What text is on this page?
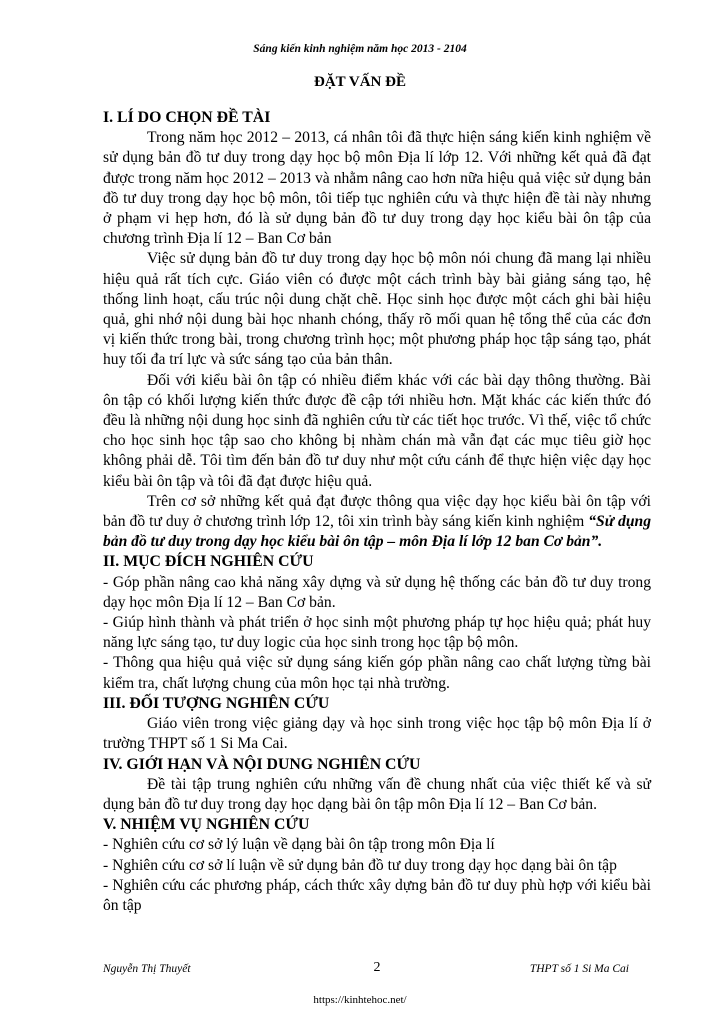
Sáng kiến kinh nghiệm năm học 2013 - 2104
ĐẶT VẤN ĐỀ
I. LÍ DO CHỌN ĐỀ TÀI

Trong năm học 2012 – 2013, cá nhân tôi đã thực hiện sáng kiến kinh nghiệm về sử dụng bản đồ tư duy trong dạy học bộ môn Địa lí lớp 12. Với những kết quả đã đạt được trong năm học 2012 – 2013 và nhằm nâng cao hơn nữa hiệu quả việc sử dụng bản đồ tư duy trong dạy học bộ môn, tôi tiếp tục nghiên cứu và thực hiện đề tài này nhưng ở phạm vi hẹp hơn, đó là sử dụng bản đồ tư duy trong dạy học kiểu bài ôn tập của chương trình Địa lí 12 – Ban Cơ bản

Việc sử dụng bản đồ tư duy trong dạy học bộ môn nói chung đã mang lại nhiều hiệu quả rất tích cực. Giáo viên có được một cách trình bày bài giảng sáng tạo, hệ thống linh hoạt, cấu trúc nội dung chặt chẽ. Học sinh học được một cách ghi bài hiệu quả, ghi nhớ nội dung bài học nhanh chóng, thấy rõ mối quan hệ tổng thể của các đơn vị kiến thức trong bài, trong chương trình học; một phương pháp học tập sáng tạo, phát huy tối đa trí lực và sức sáng tạo của bản thân.

Đối với kiểu bài ôn tập có nhiều điểm khác với các bài dạy thông thường. Bài ôn tập có khối lượng kiến thức được đề cập tới nhiều hơn. Mặt khác các kiến thức đó đều là những nội dung học sinh đã nghiên cứu từ các tiết học trước. Vì thế, việc tổ chức cho học sinh học tập sao cho không bị nhàm chán mà vẫn đạt các mục tiêu giờ học không phải dễ. Tôi tìm đến bản đồ tư duy như một cứu cánh để thực hiện việc dạy học kiểu bài ôn tập và tôi đã đạt được hiệu quả.

Trên cơ sở những kết quả đạt được thông qua việc dạy học kiểu bài ôn tập với bản đồ tư duy ở chương trình lớp 12, tôi xin trình bày sáng kiến kinh nghiệm “Sử dụng bản đồ tư duy trong dạy học kiểu bài ôn tập – môn Địa lí lớp 12 ban Cơ bản”.

II. MỤC ĐÍCH NGHIÊN CỨU

- Góp phần nâng cao khả năng xây dựng và sử dụng hệ thống các bản đồ tư duy trong dạy học môn Địa lí 12 – Ban Cơ bản.

- Giúp hình thành và phát triển ở học sinh một phương pháp tự học hiệu quả; phát huy năng lực sáng tạo, tư duy logic của học sinh trong học tập bộ môn.

- Thông qua hiệu quả việc sử dụng sáng kiến góp phần nâng cao chất lượng từng bài kiểm tra, chất lượng chung của môn học tại nhà trường.

III. ĐỐI TƯỢNG NGHIÊN CỨU

Giáo viên trong việc giảng dạy và học sinh trong việc học tập bộ môn Địa lí ở trường THPT số 1 Si Ma Cai.

IV. GIỚI HẠN VÀ NỘI DUNG NGHIÊN CỨU

Đề tài tập trung nghiên cứu những vấn đề chung nhất của việc thiết kế và sử dụng bản đồ tư duy trong dạy học dạng bài ôn tập môn Địa lí 12 – Ban Cơ bản.

V. NHIỆM VỤ NGHIÊN CỨU

- Nghiên cứu cơ sở lý luận về dạng bài ôn tập trong môn Địa lí

- Nghiên cứu cơ sở lí luận về sử dụng bản đồ tư duy trong dạy học dạng bài ôn tập

- Nghiên cứu các phương pháp, cách thức xây dựng bản đồ tư duy phù hợp với kiểu bài ôn tập

Nguyễn Thị Thuyết	2	THPT số 1 Si Ma Cai
https://kinhtehoc.net/
